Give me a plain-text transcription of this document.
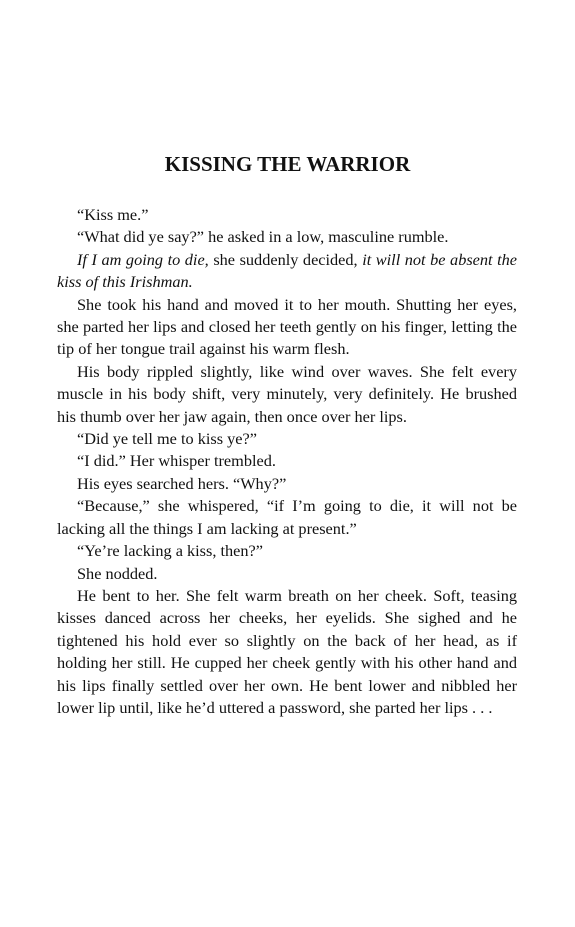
KISSING THE WARRIOR

“Kiss me.”

“What did ye say?” he asked in a low, masculine rumble.

If I am going to die, she suddenly decided, it will not be absent the kiss of this Irishman.

She took his hand and moved it to her mouth. Shutting her eyes, she parted her lips and closed her teeth gently on his finger, letting the tip of her tongue trail against his warm flesh.

His body rippled slightly, like wind over waves. She felt every muscle in his body shift, very minutely, very definitely. He brushed his thumb over her jaw again, then once over her lips.

“Did ye tell me to kiss ye?”

“I did.” Her whisper trembled.

His eyes searched hers. “Why?”

“Because,” she whispered, “if I’m going to die, it will not be lacking all the things I am lacking at present.”

“Ye’re lacking a kiss, then?”

She nodded.

He bent to her. She felt warm breath on her cheek. Soft, teasing kisses danced across her cheeks, her eyelids. She sighed and he tightened his hold ever so slightly on the back of her head, as if holding her still. He cupped her cheek gently with his other hand and his lips finally settled over her own. He bent lower and nibbled her lower lip until, like he’d uttered a password, she parted her lips . . .
